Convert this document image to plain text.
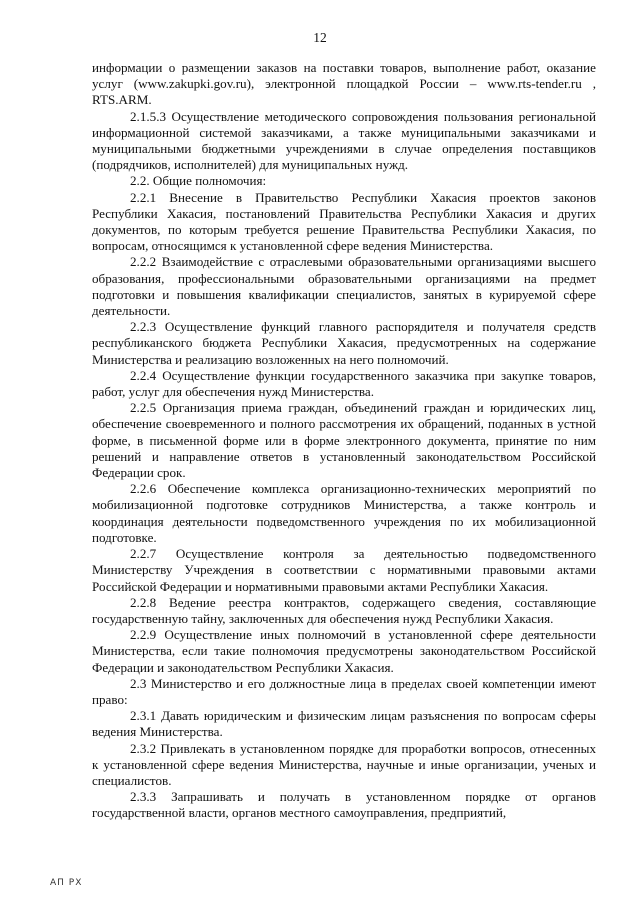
12

информации о размещении заказов на поставки товаров, выполнение работ, оказание услуг (www.zakupki.gov.ru), электронной площадкой России – www.rts-tender.ru , RTS.ARM.

2.1.5.3 Осуществление методического сопровождения пользования региональной информационной системой заказчиками, а также муниципальными заказчиками и муниципальными бюджетными учреждениями в случае определения поставщиков (подрядчиков, исполнителей) для муниципальных нужд.

2.2. Общие полномочия:

2.2.1 Внесение в Правительство Республики Хакасия проектов законов Республики Хакасия, постановлений Правительства Республики Хакасия и других документов, по которым требуется решение Правительства Республики Хакасия, по вопросам, относящимся к установленной сфере ведения Министерства.

2.2.2 Взаимодействие с отраслевыми образовательными организациями высшего образования, профессиональными образовательными организациями на предмет подготовки и повышения квалификации специалистов, занятых в курируемой сфере деятельности.

2.2.3 Осуществление функций главного распорядителя и получателя средств республиканского бюджета Республики Хакасия, предусмотренных на содержание Министерства и реализацию возложенных на него полномочий.

2.2.4 Осуществление функции государственного заказчика при закупке товаров, работ, услуг для обеспечения нужд Министерства.

2.2.5 Организация приема граждан, объединений граждан и юридических лиц, обеспечение своевременного и полного рассмотрения их обращений, поданных в устной форме, в письменной форме или в форме электронного документа, принятие по ним решений и направление ответов в установленный законодательством Российской Федерации срок.

2.2.6 Обеспечение комплекса организационно-технических мероприятий по мобилизационной подготовке сотрудников Министерства, а также контроль и координация деятельности подведомственного учреждения по их мобилизационной подготовке.

2.2.7 Осуществление контроля за деятельностью подведомственного Министерству Учреждения в соответствии с нормативными правовыми актами Российской Федерации и нормативными правовыми актами Республики Хакасия.

2.2.8 Ведение реестра контрактов, содержащего сведения, составляющие государственную тайну, заключенных для обеспечения нужд Республики Хакасия.

2.2.9 Осуществление иных полномочий в установленной сфере деятельности Министерства, если такие полномочия предусмотрены законодательством Российской Федерации и законодательством Республики Хакасия.

2.3 Министерство и его должностные лица в пределах своей компетенции имеют право:

2.3.1 Давать юридическим и физическим лицам разъяснения по вопросам сферы ведения Министерства.

2.3.2 Привлекать в установленном порядке для проработки вопросов, отнесенных к установленной сфере ведения Министерства, научные и иные организации, ученых и специалистов.

2.3.3 Запрашивать и получать в установленном порядке от органов государственной власти, органов местного самоуправления, предприятий,

АП РХ
